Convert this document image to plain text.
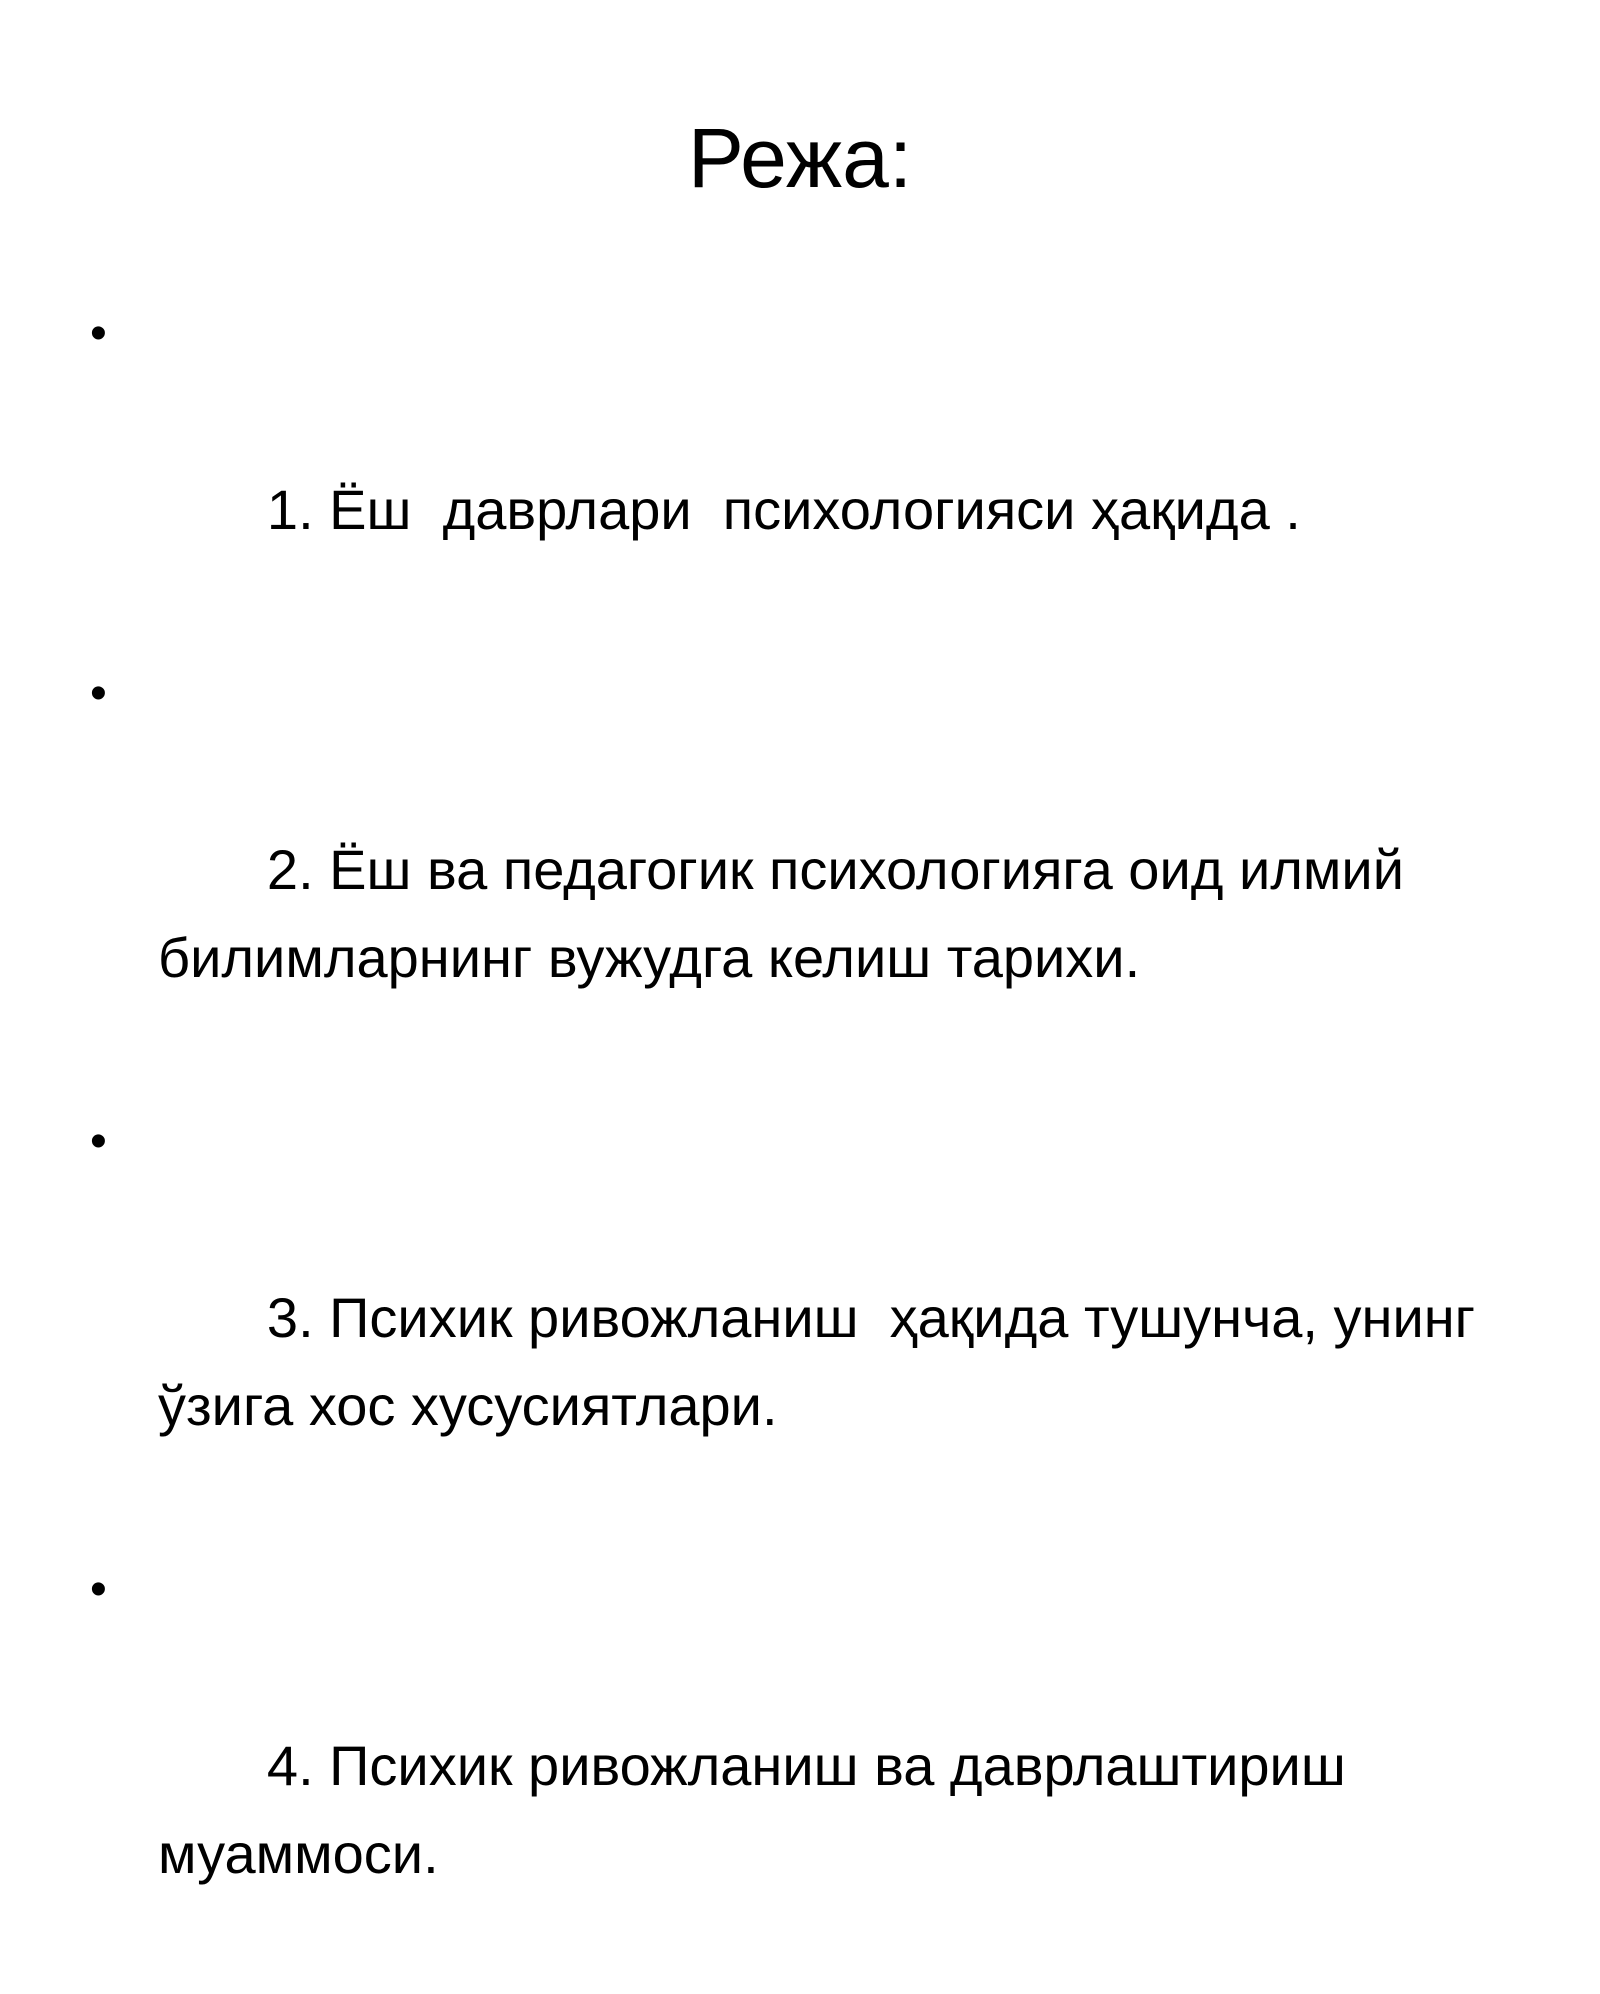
Режа:

•

1. Ёш  даврлари  психологияси ҳақида .

•

2. Ёш ва педагогик психологияга оид илмий билимларнинг вужудга келиш тарихи.

•

3. Психик ривожланиш  ҳақида тушунча, унинг ўзига хос хусусиятлари.

•

4. Психик ривожланиш ва даврлаштириш муаммоси.
